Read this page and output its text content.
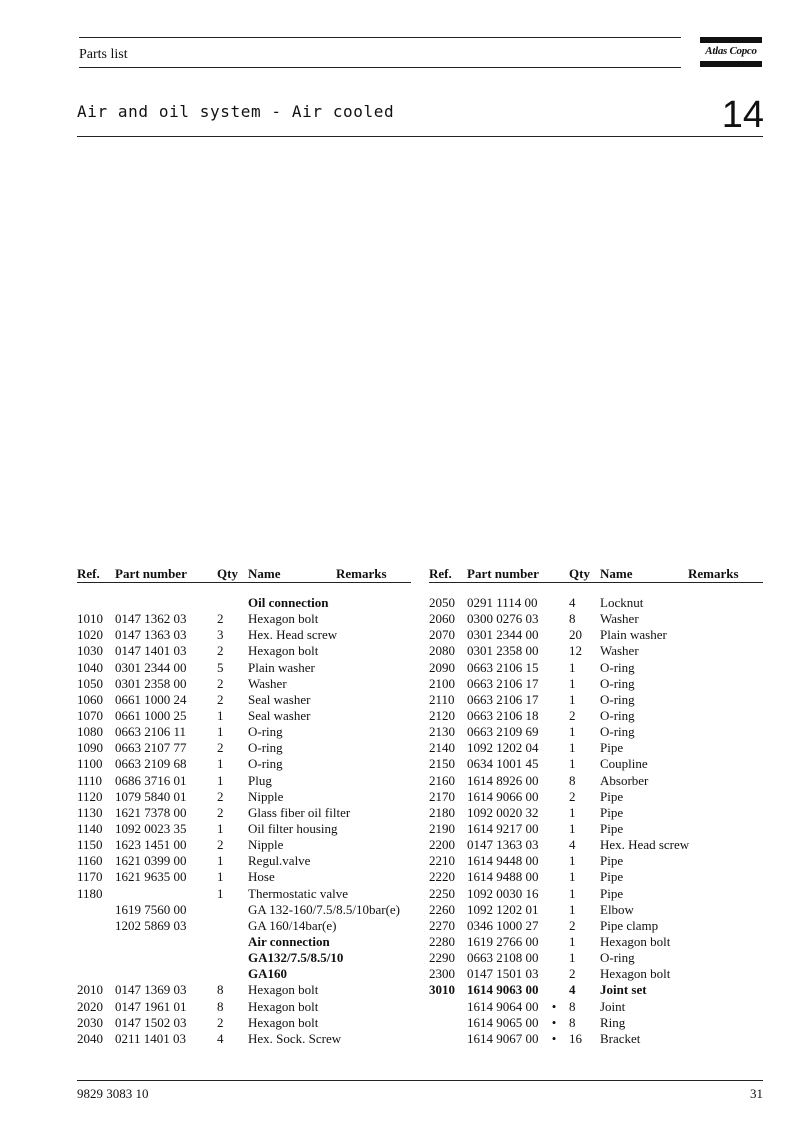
Parts list	Atlas Copco
Air and oil system - Air cooled	14
Ref. Part number Qty Name	Remarks
Oil connection
1010 0147 1362 03 2 Hexagon bolt
1020 0147 1363 03 3 Hex. Head screw
1030 0147 1401 03 2 Hexagon bolt
1040 0301 2344 00 5 Plain washer
1050 0301 2358 00 2 Washer
1060 0661 1000 24 2 Seal washer
1070 0661 1000 25 1 Seal washer
1080 0663 2106 11 1 O-ring
1090 0663 2107 77 2 O-ring
1100 0663 2109 68 1 O-ring
1110 0686 3716 01 1 Plug
1120 1079 5840 01 2 Nipple
1130 1621 7378 00 2 Glass fiber oil filter
1140 1092 0023 35 1 Oil filter housing
1150 1623 1451 00 2 Nipple
1160 1621 0399 00 1 Regul.valve
1170 1621 9635 00 1 Hose
1180	1 Thermostatic valve
1619 7560 00	GA 132-160/7.5/8.5/10bar(e)
1202 5869 03	GA 160/14bar(e)
Air connection
GA132/7.5/8.5/10
GA160
2010 0147 1369 03 8 Hexagon bolt
2020 0147 1961 01 8 Hexagon bolt
2030 0147 1502 03 2 Hexagon bolt
2040 0211 1401 03 4 Hex. Sock. Screw
Ref. Part number Qty Name	Remarks
2050 0291 1114 00 4 Locknut
2060 0300 0276 03 8 Washer
2070 0301 2344 00 20 Plain washer
2080 0301 2358 00 12 Washer
2090 0663 2106 15 1 O-ring
2100 0663 2106 17 1 O-ring
2110 0663 2106 17 1 O-ring
2120 0663 2106 18 2 O-ring
2130 0663 2109 69 1 O-ring
2140 1092 1202 04 1 Pipe
2150 0634 1001 45 1 Coupline
2160 1614 8926 00 8 Absorber
2170 1614 9066 00 2 Pipe
2180 1092 0020 32 1 Pipe
2190 1614 9217 00 1 Pipe
2200 0147 1363 03 4 Hex. Head screw
2210 1614 9448 00 1 Pipe
2220 1614 9488 00 1 Pipe
2250 1092 0030 16 1 Pipe
2260 1092 1202 01 1 Elbow
2270 0346 1000 27 2 Pipe clamp
2280 1619 2766 00 1 Hexagon bolt
2290 0663 2108 00 1 O-ring
2300 0147 1501 03 2 Hexagon bolt
3010 1614 9063 00 4 Joint set
1614 9064 00 • 8 Joint
1614 9065 00 • 8 Ring
1614 9067 00 • 16 Bracket
9829 3083 10	31
